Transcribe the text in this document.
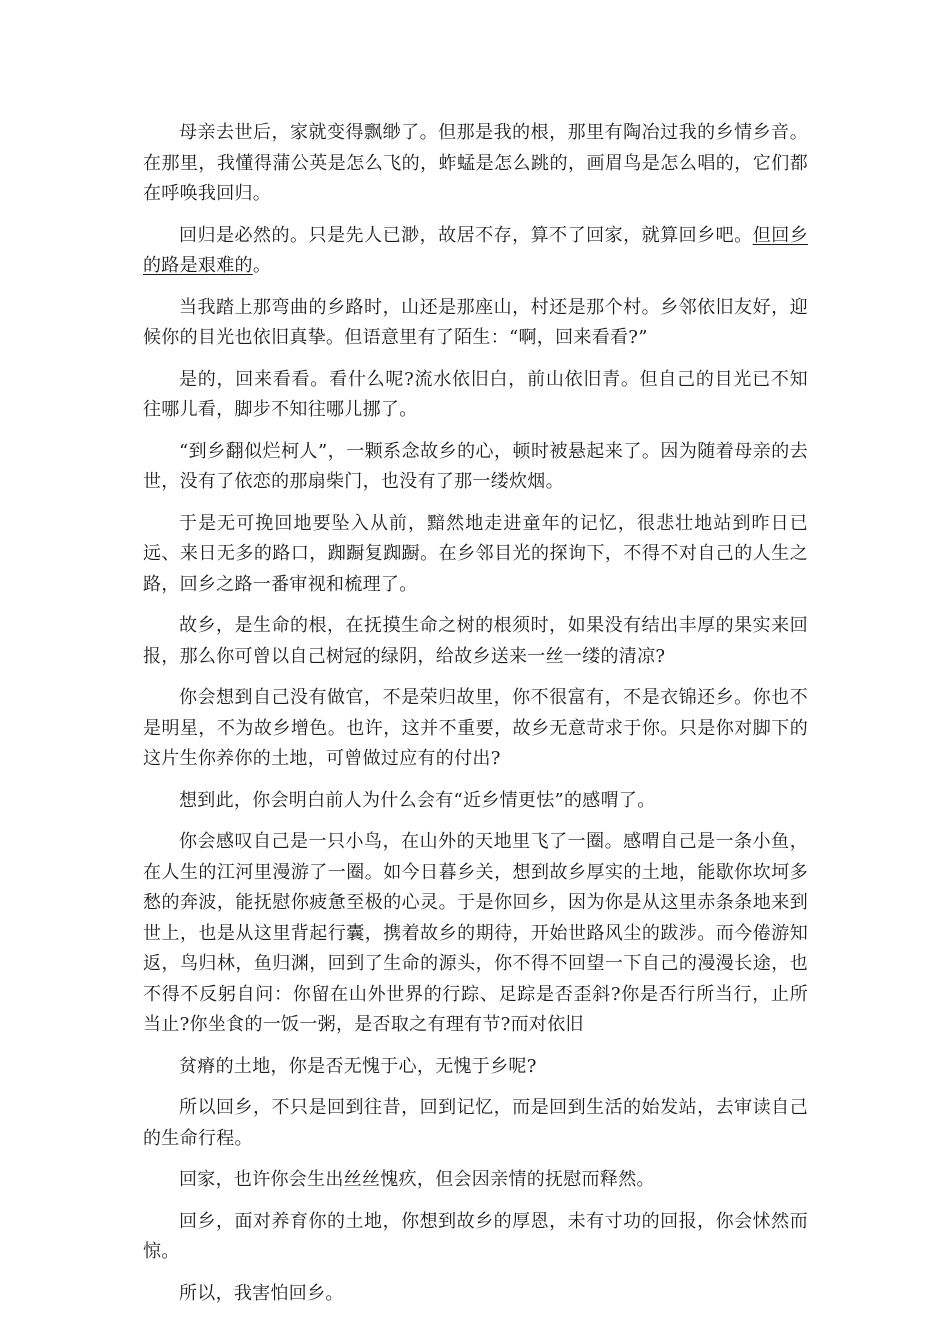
母亲去世后，家就变得飘缈了。但那是我的根，那里有陶冶过我的乡情乡音。在那里，我懂得蒲公英是怎么飞的，蚱蜢是怎么跳的，画眉鸟是怎么唱的，它们都在呼唤我回归。

回归是必然的。只是先人已渺，故居不存，算不了回家，就算回乡吧。但回乡的路是艰难的。

当我踏上那弯曲的乡路时，山还是那座山，村还是那个村。乡邻依旧友好，迎候你的目光也依旧真挚。但语意里有了陌生：“啊，回来看看?”

是的，回来看看。看什么呢?流水依旧白，前山依旧青。但自己的目光已不知往哪儿看，脚步不知往哪儿挪了。

“到乡翻似烂柯人”，一颗系念故乡的心，顿时被悬起来了。因为随着母亲的去世，没有了依恋的那扇柴门，也没有了那一缕炊烟。

于是无可挽回地要坠入从前，黯然地走进童年的记忆，很悲壮地站到昨日已远、来日无多的路口，踟蹰复踟蹰。在乡邻目光的探询下，不得不对自己的人生之路，回乡之路一番审视和梳理了。

故乡，是生命的根，在抚摸生命之树的根须时，如果没有结出丰厚的果实来回报，那么你可曾以自己树冠的绿阴，给故乡送来一丝一缕的清凉?

你会想到自己没有做官，不是荣归故里，你不很富有，不是衣锦还乡。你也不是明星，不为故乡增色。也许，这并不重要，故乡无意苛求于你。只是你对脚下的这片生你养你的土地，可曾做过应有的付出?

想到此，你会明白前人为什么会有“近乡情更怯”的感喟了。

你会感叹自己是一只小鸟，在山外的天地里飞了一圈。感喟自己是一条小鱼，在人生的江河里漫游了一圈。如今日暮乡关，想到故乡厚实的土地，能歇你坎坷多愁的奔波，能抚慰你疲惫至极的心灵。于是你回乡，因为你是从这里赤条条地来到世上，也是从这里背起行囊，携着故乡的期待，开始世路风尘的跋涉。而今倦游知返，鸟归林，鱼归渊，回到了生命的源头，你不得不回望一下自己的漫漫长途，也不得不反躬自问：你留在山外世界的行踪、足踪是否歪斜?你是否行所当行，止所当止?你坐食的一饭一粥，是否取之有理有节?而对依旧

贫瘠的土地，你是否无愧于心，无愧于乡呢?

所以回乡，不只是回到往昔，回到记忆，而是回到生活的始发站，去审读自己的生命行程。

回家，也许你会生出丝丝愧疚，但会因亲情的抚慰而释然。

回乡，面对养育你的土地，你想到故乡的厚恩，未有寸功的回报，你会怵然而惊。

所以，我害怕回乡。
